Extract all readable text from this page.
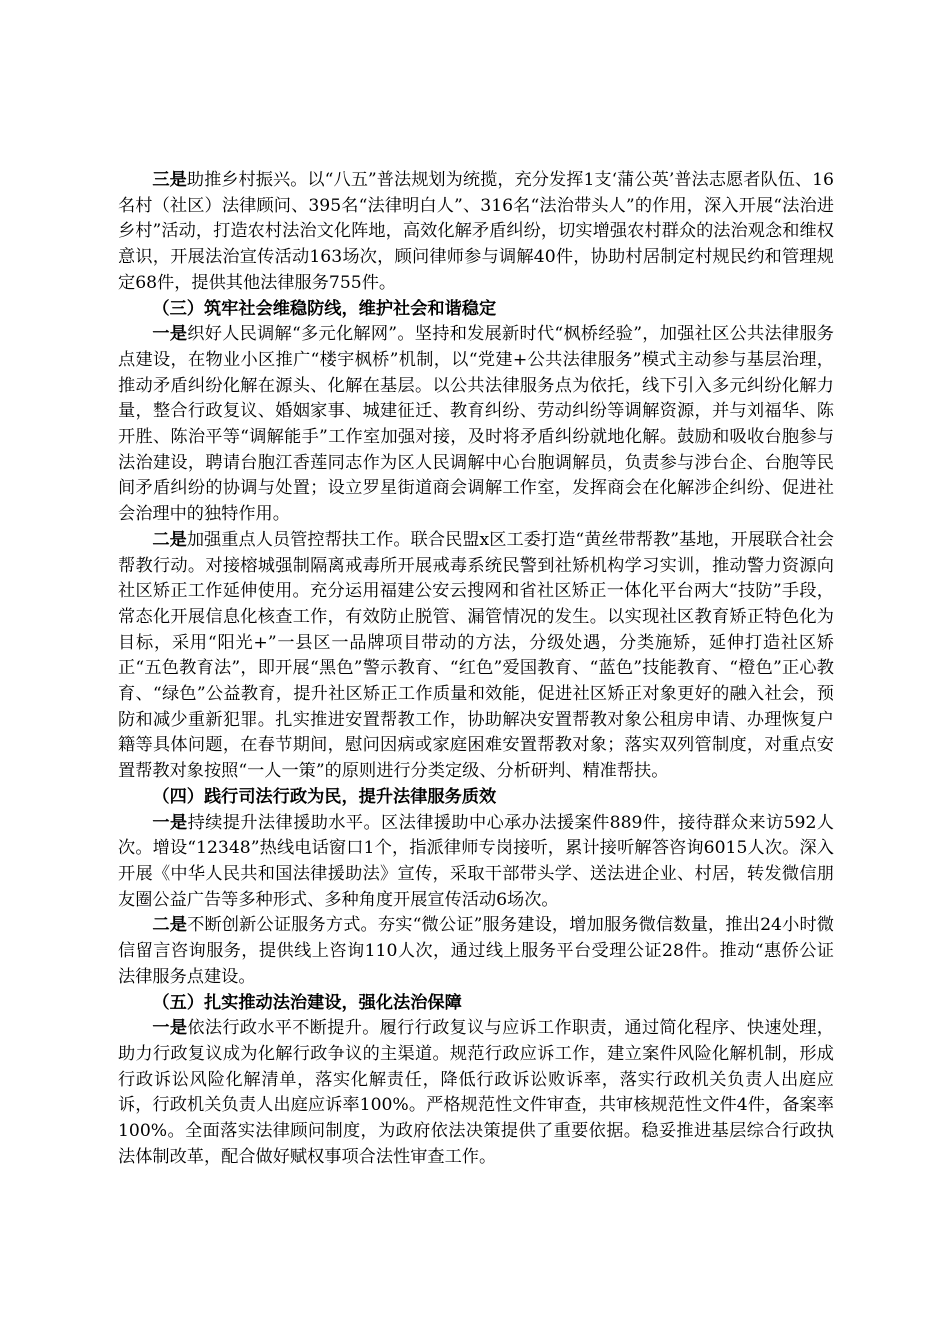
三是助推乡村振兴。以“八五”普法规划为统揽，充分发挥1支‘蒲公英’普法志愿者队伍、16名村（社区）法律顾问、395名“法律明白人”、316名“法治带头人”的作用，深入开展“法治进乡村”活动，打造农村法治文化阵地，高效化解矛盾纠纷，切实增强农村群众的法治观念和维权意识，开展法治宣传活动163场次，顾问律师参与调解40件，协助村居制定村规民约和管理规定68件，提供其他法律服务755件。

（三）筑牢社会维稳防线，维护社会和谐稳定

一是织好人民调解“多元化解网”。坚持和发展新时代“枫桥经验”，加强社区公共法律服务点建设，在物业小区推广“楼宇枫桥”机制，以“党建+公共法律服务”模式主动参与基层治理，推动矛盾纠纷化解在源头、化解在基层。以公共法律服务点为依托，线下引入多元纠纷化解力量，整合行政复议、婚姻家事、城建征迁、教育纠纷、劳动纠纷等调解资源，并与刘福华、陈开胜、陈治平等“调解能手”工作室加强对接，及时将矛盾纠纷就地化解。鼓励和吸收台胞参与法治建设，聘请台胞江香莲同志作为区人民调解中心台胞调解员，负责参与涉台企、台胞等民间矛盾纠纷的协调与处置；设立罗星街道商会调解工作室，发挥商会在化解涉企纠纷、促进社会治理中的独特作用。

二是加强重点人员管控帮扶工作。联合民盟x区工委打造“黄丝带帮教”基地，开展联合社会帮教行动。对接榕城强制隔离戒毒所开展戒毒系统民警到社矫机构学习实训，推动警力资源向社区矫正工作延伸使用。充分运用福建公安云搜网和省社区矫正一体化平台两大“技防”手段，常态化开展信息化核查工作，有效防止脱管、漏管情况的发生。以实现社区教育矫正特色化为目标，采用“阳光+”一县区一品牌项目带动的方法，分级处遇，分类施矫，延伸打造社区矫正“五色教育法”，即开展“黑色”警示教育、“红色”爱国教育、“蓝色”技能教育、“橙色”正心教育、“绿色”公益教育，提升社区矫正工作质量和效能，促进社区矫正对象更好的融入社会，预防和减少重新犯罪。扎实推进安置帮教工作，协助解决安置帮教对象公租房申请、办理恢复户籍等具体问题，在春节期间，慰问因病或家庭困难安置帮教对象；落实双列管制度，对重点安置帮教对象按照“一人一策”的原则进行分类定级、分析研判、精准帮扶。

（四）践行司法行政为民，提升法律服务质效

一是持续提升法律援助水平。区法律援助中心承办法援案件889件，接待群众来访592人次。增设“12348”热线电话窗口1个，指派律师专岗接听，累计接听解答咨询6015人次。深入开展《中华人民共和国法律援助法》宣传，采取干部带头学、送法进企业、村居，转发微信朋友圈公益广告等多种形式、多种角度开展宣传活动6场次。

二是不断创新公证服务方式。夯实“微公证”服务建设，增加服务微信数量，推出24小时微信留言咨询服务，提供线上咨询110人次，通过线上服务平台受理公证28件。推动“惠侨公证法律服务点建设。

（五）扎实推动法治建设，强化法治保障

一是依法行政水平不断提升。履行行政复议与应诉工作职责，通过简化程序、快速处理，助力行政复议成为化解行政争议的主渠道。规范行政应诉工作，建立案件风险化解机制，形成行政诉讼风险化解清单，落实化解责任，降低行政诉讼败诉率，落实行政机关负责人出庭应诉，行政机关负责人出庭应诉率100%。严格规范性文件审查，共审核规范性文件4件，备案率100%。全面落实法律顾问制度，为政府依法决策提供了重要依据。稳妥推进基层综合行政执法体制改革，配合做好赋权事项合法性审查工作。
